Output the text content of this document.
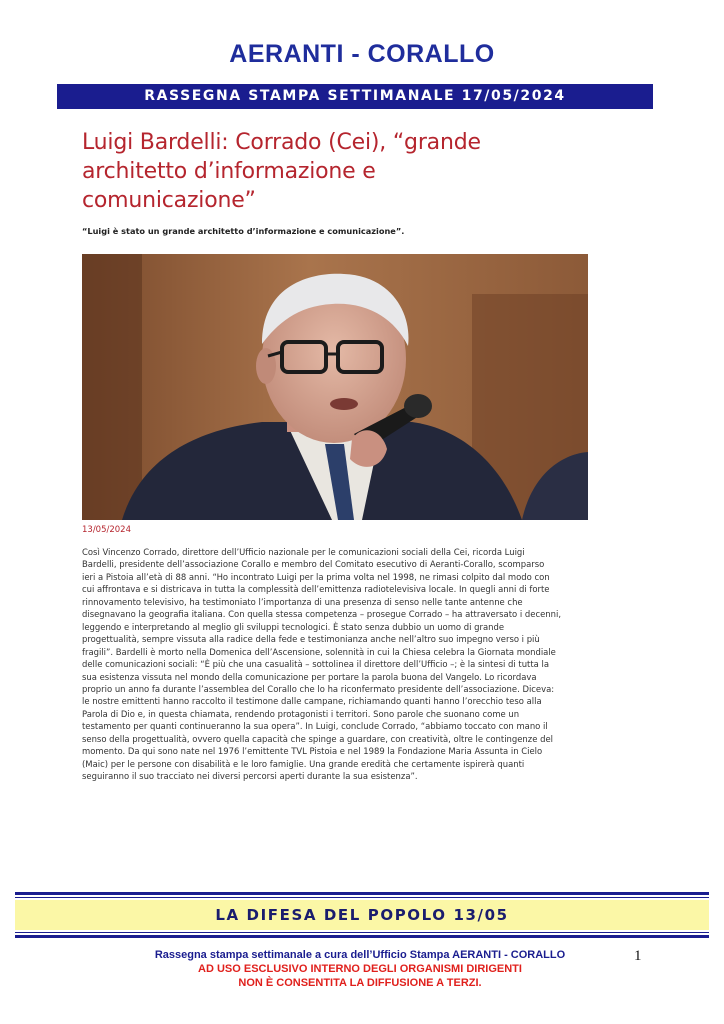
AERANTI - CORALLO
RASSEGNA STAMPA SETTIMANALE 17/05/2024
Luigi Bardelli: Corrado (Cei), “grande
architetto d’informazione e
comunicazione”
“Luigi è stato un grande architetto d’informazione e comunicazione”.
13/05/2024

Così Vincenzo Corrado, direttore dell’Ufficio nazionale per le comunicazioni sociali della Cei, ricorda Luigi
Bardelli, presidente dell’associazione Corallo e membro del Comitato esecutivo di Aeranti-Corallo, scomparso
ieri a Pistoia all’età di 88 anni. “Ho incontrato Luigi per la prima volta nel 1998, ne rimasi colpito dal modo con
cui affrontava e si districava in tutta la complessità dell’emittenza radiotelevisiva locale. In quegli anni di forte
rinnovamento televisivo, ha testimoniato l’importanza di una presenza di senso nelle tante antenne che
disegnavano la geografia italiana. Con quella stessa competenza – prosegue Corrado – ha attraversato i decenni,
leggendo e interpretando al meglio gli sviluppi tecnologici. È stato senza dubbio un uomo di grande
progettualità, sempre vissuta alla radice della fede e testimonianza anche nell’altro suo impegno verso i più
fragili”. Bardelli è morto nella Domenica dell’Ascensione, solennità in cui la Chiesa celebra la Giornata mondiale
delle comunicazioni sociali: “È più che una casualità – sottolinea il direttore dell’Ufficio –; è la sintesi di tutta la
sua esistenza vissuta nel mondo della comunicazione per portare la parola buona del Vangelo. Lo ricordava
proprio un anno fa durante l’assemblea del Corallo che lo ha riconfermato presidente dell’associazione. Diceva:
le nostre emittenti hanno raccolto il testimone dalle campane, richiamando quanti hanno l’orecchio teso alla
Parola di Dio e, in questa chiamata, rendendo protagonisti i territori. Sono parole che suonano come un
testamento per quanti continueranno la sua opera”. In Luigi, conclude Corrado, “abbiamo toccato con mano il
senso della progettualità, ovvero quella capacità che spinge a guardare, con creatività, oltre le contingenze del
momento. Da qui sono nate nel 1976 l’emittente TVL Pistoia e nel 1989 la Fondazione Maria Assunta in Cielo
(Maic) per le persone con disabilità e le loro famiglie. Una grande eredità che certamente ispirerà quanti
seguiranno il suo tracciato nei diversi percorsi aperti durante la sua esistenza”.

LA DIFESA DEL POPOLO 13/05
Rassegna stampa settimanale a cura dell’Ufficio Stampa AERANTI - CORALLO
AD USO ESCLUSIVO INTERNO DEGLI ORGANISMI DIRIGENTI
NON È CONSENTITA LA DIFFUSIONE A TERZI.
1
